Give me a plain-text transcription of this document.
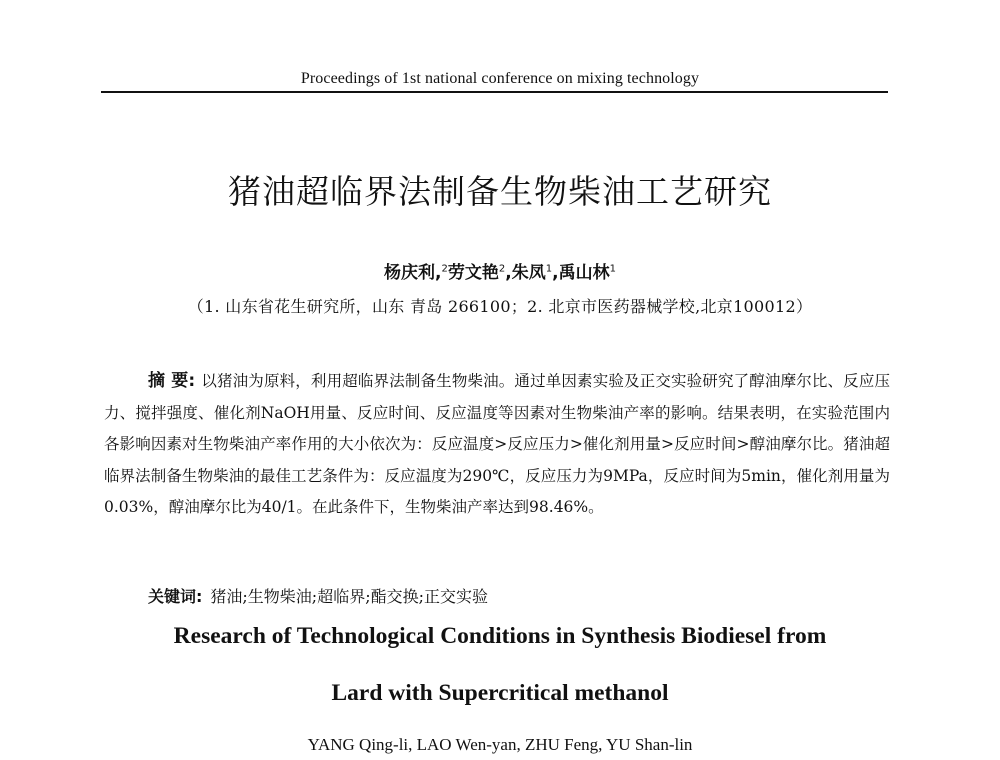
Proceedings of 1st national conference on mixing technology
猪油超临界法制备生物柴油工艺研究
杨庆利,$^2$劳文艳$^2$,朱凤$^1$,禹山林$^1$
（1. 山东省花生研究所，山东 青岛 266100；2. 北京市医药器械学校,北京100012）
摘 要: 以猪油为原料，利用超临界法制备生物柴油。通过单因素实验及正交实验研究了醇油摩尔比、反应压力、搅拌强度、催化剂NaOH用量、反应时间、反应温度等因素对生物柴油产率的影响。结果表明，在实验范围内各影响因素对生物柴油产率作用的大小依次为：反应温度>反应压力>催化剂用量>反应时间>醇油摩尔比。猪油超临界法制备生物柴油的最佳工艺条件为：反应温度为290℃，反应压力为9MPa，反应时间为5min，催化剂用量为0.03%，醇油摩尔比为40/1。在此条件下，生物柴油产率达到98.46%。
关键词: 猪油;生物柴油;超临界;酯交换;正交实验
Research of Technological Conditions in Synthesis Biodiesel from
Lard with Supercritical methanol
YANG Qing-li, LAO Wen-yan, ZHU Feng, YU Shan-lin
